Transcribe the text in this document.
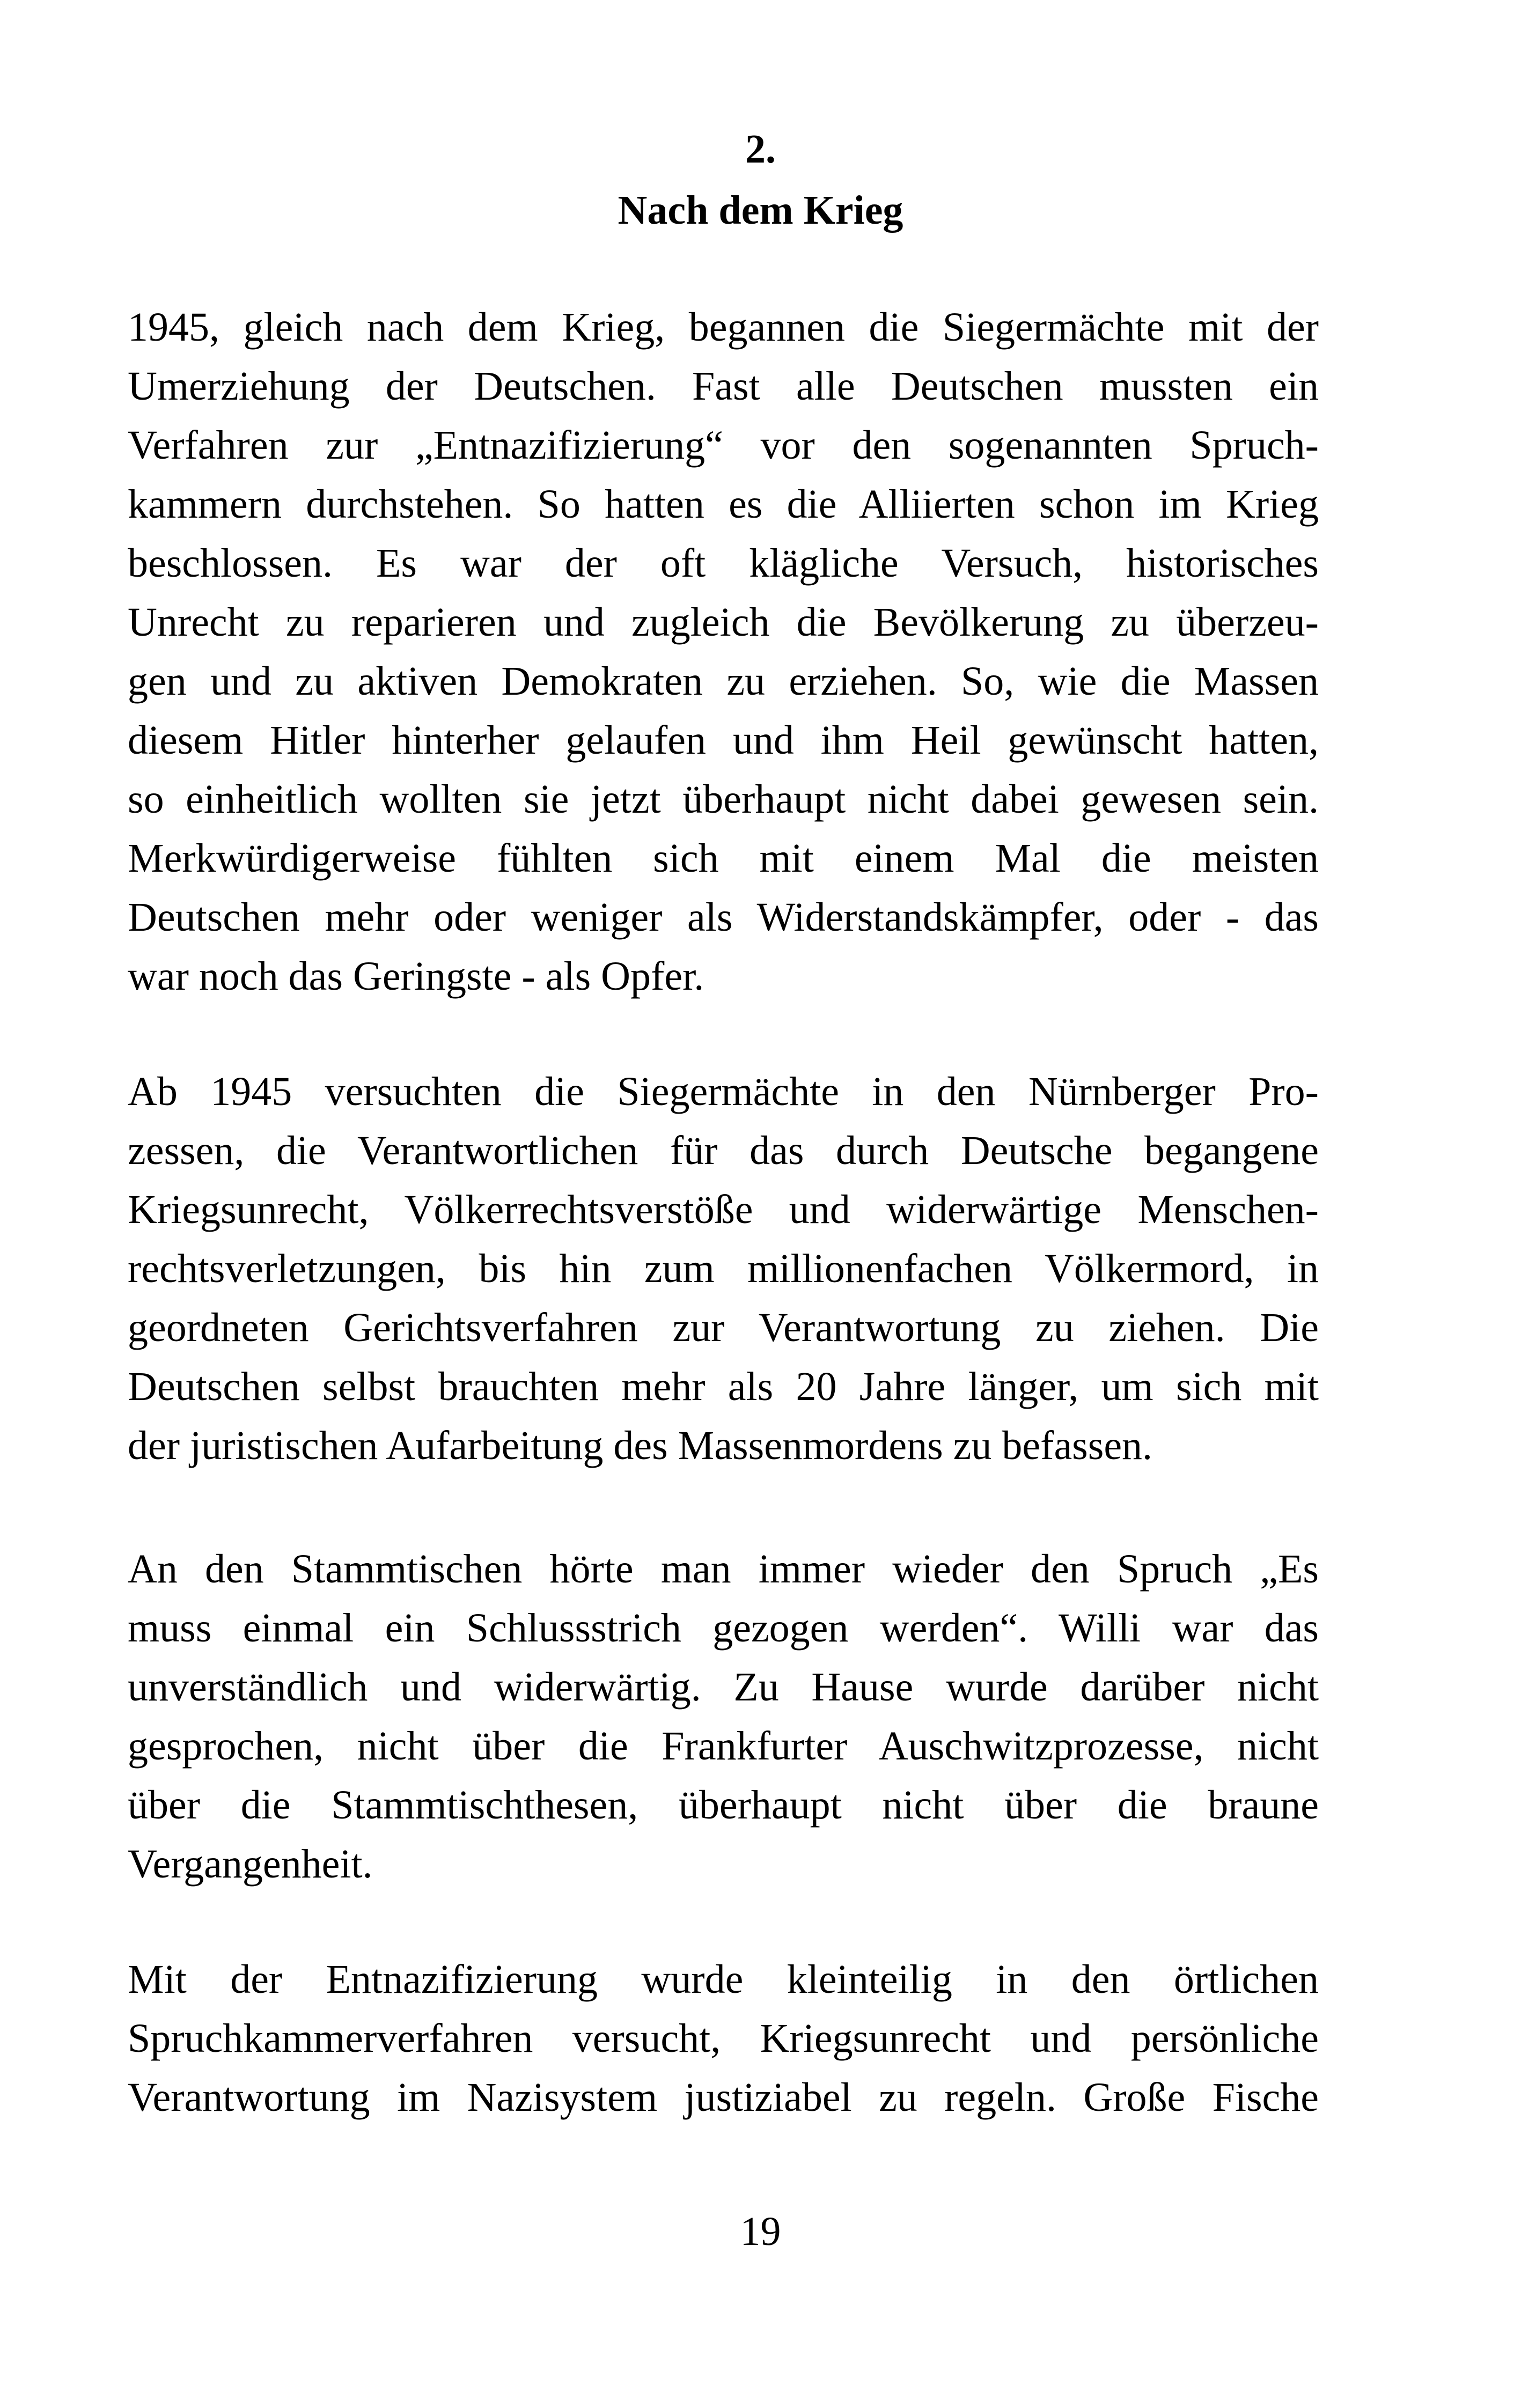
2.
Nach dem Krieg
1945, gleich nach dem Krieg, begannen die Siegermächte mit der
Umerziehung der Deutschen. Fast alle Deutschen mussten ein
Verfahren zur „Entnazifizierung“ vor den sogenannten Spruch-
kammern durchstehen. So hatten es die Alliierten schon im Krieg
beschlossen. Es war der oft klägliche Versuch, historisches
Unrecht zu reparieren und zugleich die Bevölkerung zu überzeu-
gen und zu aktiven Demokraten zu erziehen. So, wie die Massen
diesem Hitler hinterher gelaufen und ihm Heil gewünscht hatten,
so einheitlich wollten sie jetzt überhaupt nicht dabei gewesen sein.
Merkwürdigerweise fühlten sich mit einem Mal die meisten
Deutschen mehr oder weniger als Widerstandskämpfer, oder - das
war noch das Geringste - als Opfer.
Ab 1945 versuchten die Siegermächte in den Nürnberger Pro-
zessen, die Verantwortlichen für das durch Deutsche begangene
Kriegsunrecht, Völkerrechtsverstöße und widerwärtige Menschen-
rechtsverletzungen, bis hin zum millionenfachen Völkermord, in
geordneten Gerichtsverfahren zur Verantwortung zu ziehen. Die
Deutschen selbst brauchten mehr als 20 Jahre länger, um sich mit
der juristischen Aufarbeitung des Massenmordens zu befassen.
An den Stammtischen hörte man immer wieder den Spruch „Es
muss einmal ein Schlussstrich gezogen werden“. Willi war das
unverständlich und widerwärtig. Zu Hause wurde darüber nicht
gesprochen, nicht über die Frankfurter Auschwitzprozesse, nicht
über die Stammtischthesen, überhaupt nicht über die braune
Vergangenheit.
Mit der Entnazifizierung wurde kleinteilig in den örtlichen
Spruchkammerverfahren versucht, Kriegsunrecht und persönliche
Verantwortung im Nazisystem justiziabel zu regeln. Große Fische
19
